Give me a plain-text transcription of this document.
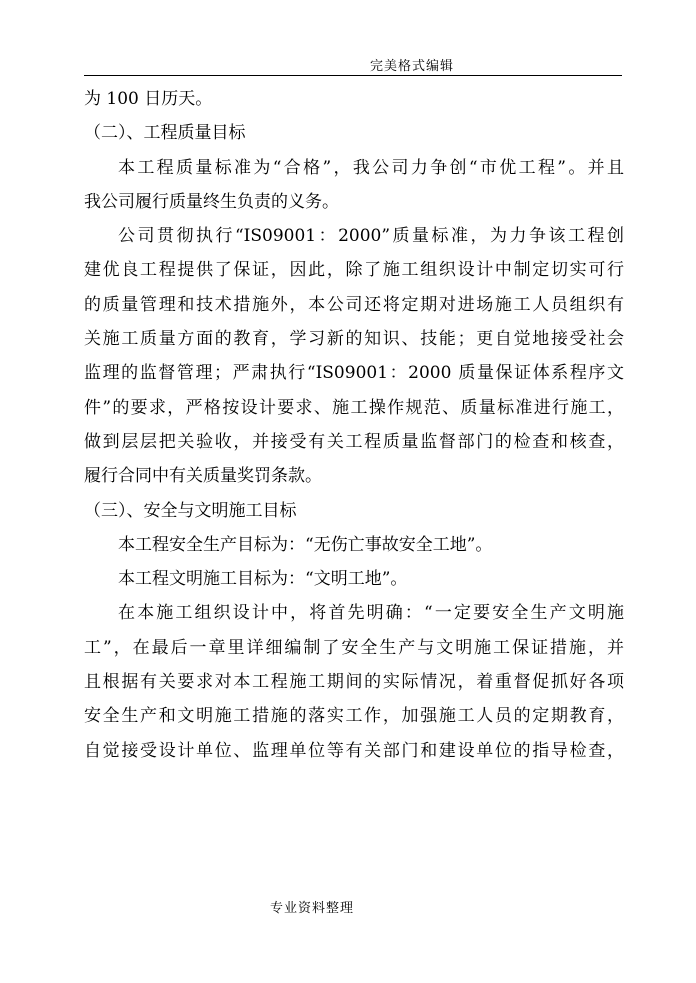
完美格式编辑
为 100 日历天。
（二）、工程质量目标
本工程质量标准为“合格”，我公司力争创“市优工程”。并且
我公司履行质量终生负责的义务。
公司贯彻执行“IS09001：2000”质量标准，为力争该工程创
建优良工程提供了保证，因此，除了施工组织设计中制定切实可行
的质量管理和技术措施外，本公司还将定期对进场施工人员组织有
关施工质量方面的教育，学习新的知识、技能；更自觉地接受社会
监理的监督管理；严肃执行“IS09001：2000 质量保证体系程序文
件”的要求，严格按设计要求、施工操作规范、质量标准进行施工，
做到层层把关验收，并接受有关工程质量监督部门的检查和核查，
履行合同中有关质量奖罚条款。
（三）、安全与文明施工目标
本工程安全生产目标为：“无伤亡事故安全工地”。
本工程文明施工目标为：“文明工地”。
在本施工组织设计中，将首先明确：“一定要安全生产文明施
工”，在最后一章里详细编制了安全生产与文明施工保证措施，并
且根据有关要求对本工程施工期间的实际情况，着重督促抓好各项
安全生产和文明施工措施的落实工作，加强施工人员的定期教育，
自觉接受设计单位、监理单位等有关部门和建设单位的指导检查，
专业资料整理
